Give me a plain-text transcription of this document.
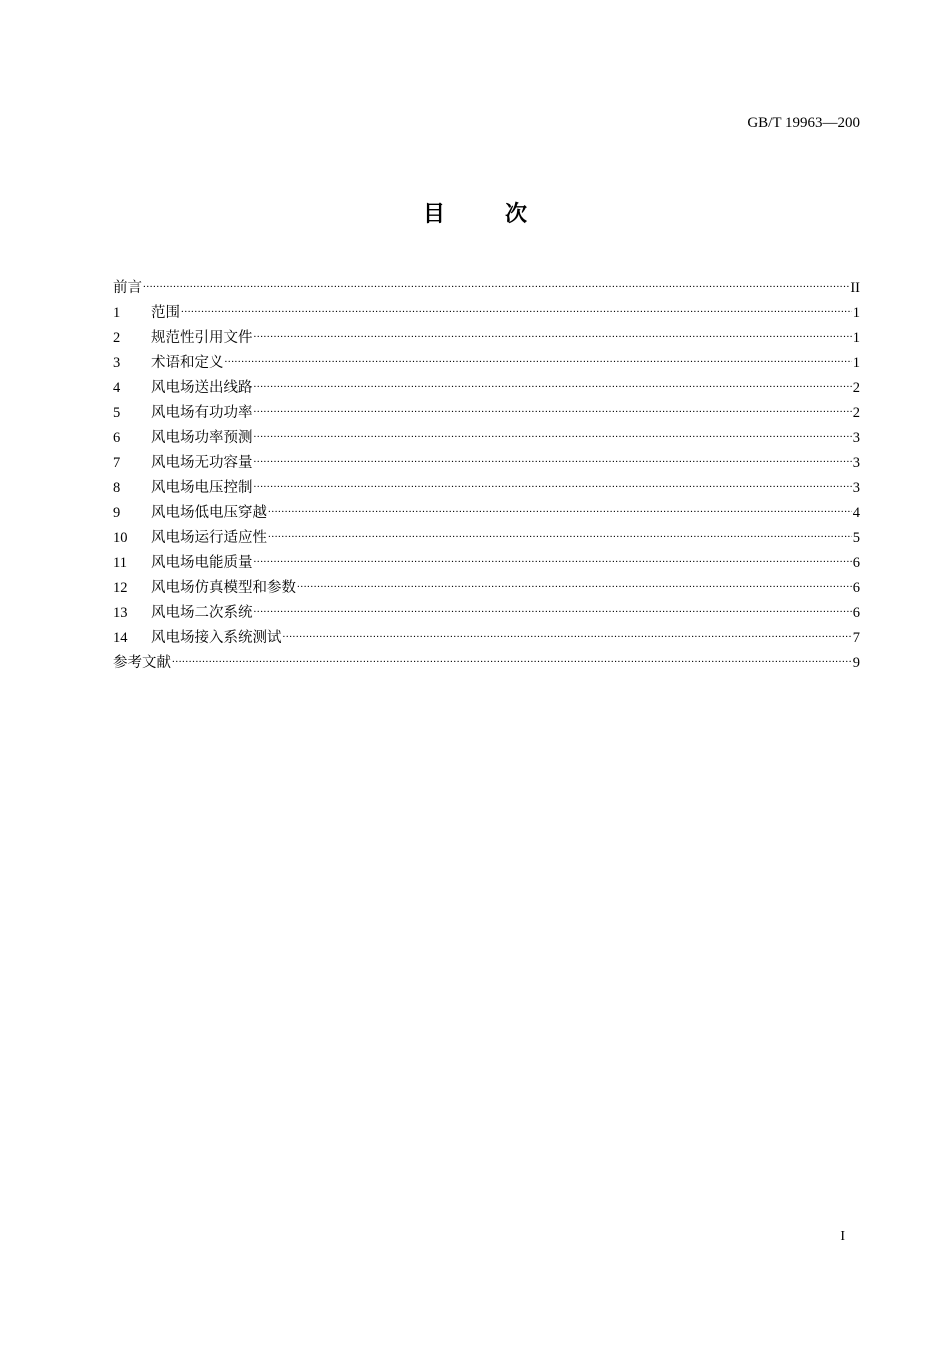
GB/T 19963—200
目次
前言 .....	II
1	范围 .....	1
2	规范性引用文件 .....	1
3	术语和定义 .....	1
4	风电场送出线路 .....	2
5	风电场有功功率 .....	2
6	风电场功率预测 .....	3
7	风电场无功容量 .....	3
8	风电场电压控制 .....	3
9	风电场低电压穿越 .....	4
10	风电场运行适应性 .....	5
11	风电场电能质量 .....	6
12	风电场仿真模型和参数 .....	6
13	风电场二次系统 .....	6
14	风电场接入系统测试 .....	7
参考文献 .....	9
I
